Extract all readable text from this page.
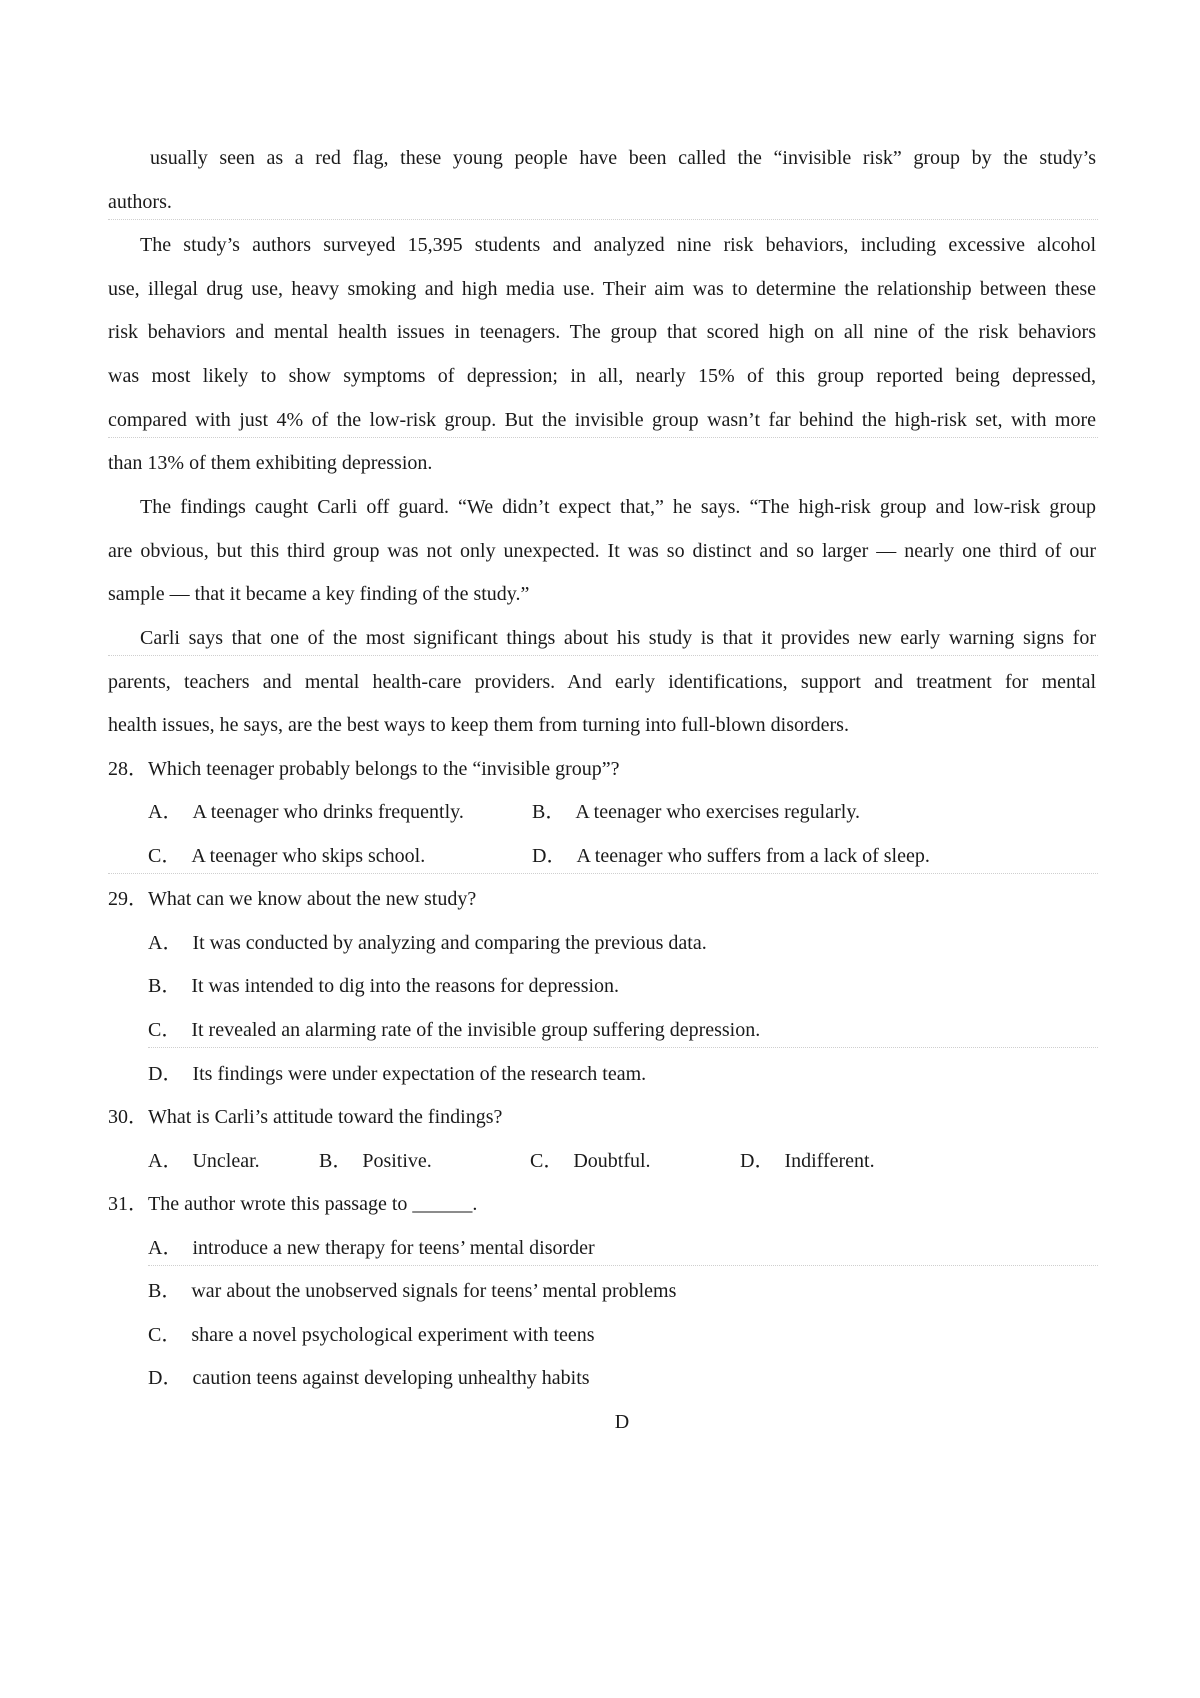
usually seen as a red flag, these young people have been called the “invisible risk” group by the study’s
authors.
The study’s authors surveyed 15,395 students and analyzed nine risk behaviors, including excessive alcohol
use, illegal drug use, heavy smoking and high media use. Their aim was to determine the relationship between these
risk behaviors and mental health issues in teenagers. The group that scored high on all nine of the risk behaviors
was most likely to show symptoms of depression; in all, nearly 15% of this group reported being depressed,
compared with just 4% of the low-risk group. But the invisible group wasn’t far behind the high-risk set, with more
than 13% of them exhibiting depression.
The findings caught Carli off guard. “We didn’t expect that,” he says. “The high-risk group and low-risk group
are obvious, but this third group was not only unexpected. It was so distinct and so larger — nearly one third of our
sample — that it became a key finding of the study.”
Carli says that one of the most significant things about his study is that it provides new early warning signs for
parents, teachers and mental health-care providers. And early identifications, support and treatment for mental
health issues, he says, are the best ways to keep them from turning into full-blown disorders.
28．Which teenager probably belongs to the “invisible group”?
A． A teenager who drinks frequently.	B． A teenager who exercises regularly.
C． A teenager who skips school.	D． A teenager who suffers from a lack of sleep.
29．What can we know about the new study?
A． It was conducted by analyzing and comparing the previous data.
B． It was intended to dig into the reasons for depression.
C． It revealed an alarming rate of the invisible group suffering depression.
D． Its findings were under expectation of the research team.
30．What is Carli’s attitude toward the findings?
A． Unclear.	B． Positive.	C． Doubtful.	D． Indifferent.
31．The author wrote this passage to ______.
A． introduce a new therapy for teens’ mental disorder
B． war about the unobserved signals for teens’ mental problems
C． share a novel psychological experiment with teens
D． caution teens against developing unhealthy habits
D
